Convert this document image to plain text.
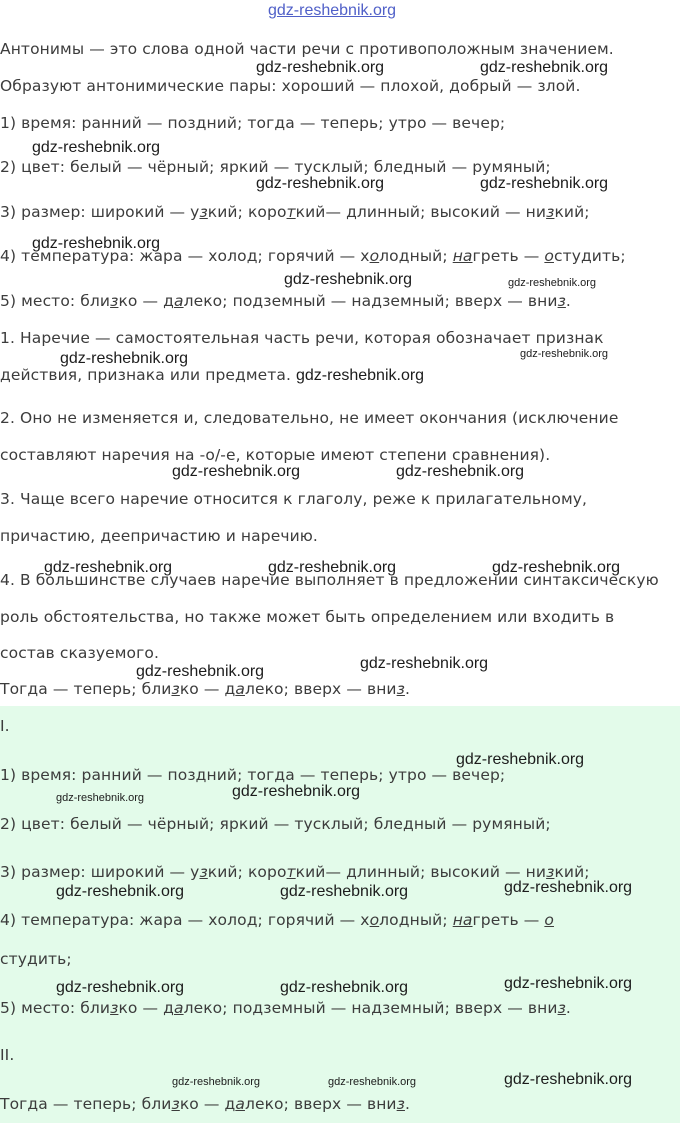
gdz-reshebnik.org
Антонимы — это слова одной части речи с противоположным значением.
Образуют антонимические пары: хороший — плохой, добрый — злой.
1) время: ранний — поздний; тогда — теперь; утро — вечер;
2) цвет: белый — чёрный; яркий — тусклый; бледный — румяный;
3) размер: широкий — узкий; короткий— длинный; высокий — низкий;
4) температура: жара — холод; горячий — холодный; нагреть — остудить;
5) место: близко — далеко; подземный — надземный; вверх — вниз.
1. Наречие — самостоятельная часть речи, которая обозначает признак
действия, признака или предмета.
2. Оно не изменяется и, следовательно, не имеет окончания (исключение
составляют наречия на -о/-е, которые имеют степени сравнения).
3. Чаще всего наречие относится к глаголу, реже к прилагательному,
причастию, деепричастию и наречию.
4. В большинстве случаев наречие выполняет в предложении синтаксическую
роль обстоятельства, но также может быть определением или входить в
состав сказуемого.
Тогда — теперь; близко — далеко; вверх — вниз.
I.
1) время: ранний — поздний; тогда — теперь; утро — вечер;
2) цвет: белый — чёрный; яркий — тусклый; бледный — румяный;
3) размер: широкий — узкий; короткий— длинный; высокий — низкий;
4) температура: жара — холод; горячий — холодный; нагреть — о
студить;
5) место: близко — далеко; подземный — надземный; вверх — вниз.
II.
Тогда — теперь; близко — далеко; вверх — вниз.
gdz-reshebnik.org	gdz-reshebnik.org
gdz-reshebnik.org
gdz-reshebnik.org	gdz-reshebnik.org
gdz-reshebnik.org
gdz-reshebnik.org	gdz-reshebnik.org
gdz-reshebnik.org	gdz-reshebnik.org
gdz-reshebnik.org
gdz-reshebnik.org	gdz-reshebnik.org
gdz-reshebnik.org	gdz-reshebnik.org	gdz-reshebnik.org
gdz-reshebnik.org
gdz-reshebnik.org
gdz-reshebnik.org
gdz-reshebnik.org	gdz-reshebnik.org
gdz-reshebnik.org	gdz-reshebnik.org	gdz-reshebnik.org
gdz-reshebnik.org	gdz-reshebnik.org	gdz-reshebnik.org
gdz-reshebnik.org	gdz-reshebnik.org	gdz-reshebnik.org
